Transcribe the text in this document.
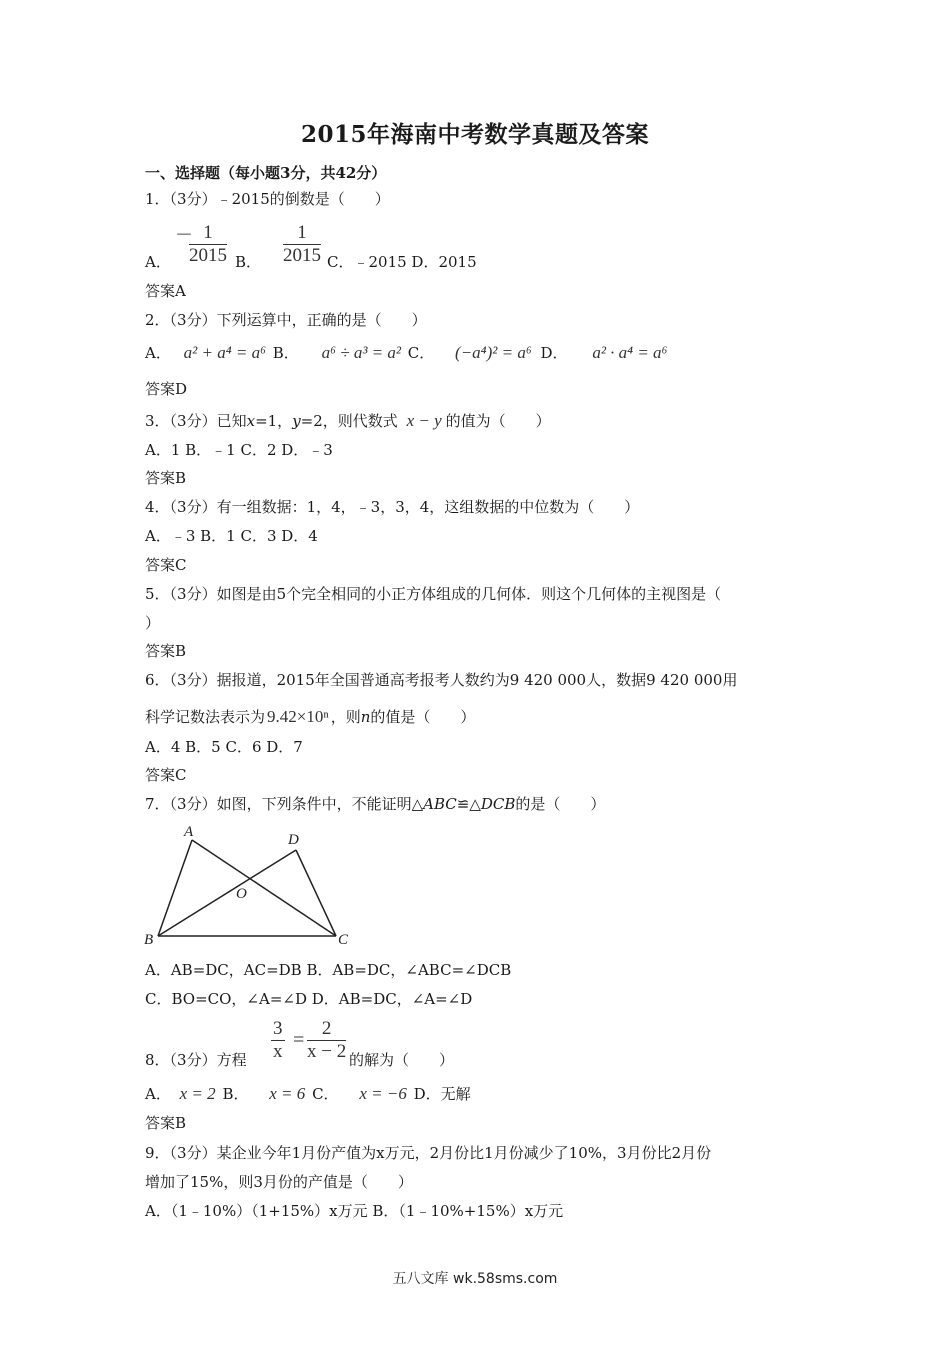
2015年海南中考数学真题及答案
一、选择题（每小题3分，共42分）
1．（3分）﹣2015的倒数是（　　）
A．
－
$\frac{1}{2015}$ B． $\frac{1}{2015}$ C．﹣2015 D．2015
答案A
2．（3分）下列运算中，正确的是（　　）
A． a² + a⁴ = a⁶ B． a⁶ ÷ a³ = a² C． (−a⁴)² = a⁶ D． a² · a⁴ = a⁶
答案D
3．（3分）已知x=1，y=2，则代数式 x − y 的值为（　　）
A．1 B．﹣1 C．2 D．﹣3
答案B
4．（3分）有一组数据：1，4，﹣3，3，4，这组数据的中位数为（　　）
A．﹣3 B．1 C．3 D．4
答案C
5．（3分）如图是由5个完全相同的小正方体组成的几何体．则这个几何体的主视图是（
）
答案B
6．（3分）据报道，2015年全国普通高考报考人数约为9 420 000人，数据9 420 000用
科学记数法表示为 9.42×10ⁿ ，则n的值是（　　）
A．4 B．5 C．6 D．7
答案C
7．（3分）如图，下列条件中，不能证明△ABC≌△DCB的是（　　）
A	D
O
B	C
A．AB=DC，AC=DB B．AB=DC，∠ABC=∠DCB
C．BO=CO，∠A=∠D D．AB=DC，∠A=∠D
8．（3分）方程 $\frac{3}{x} = \frac{2}{x - 2}$ 的解为（　　）
A． x = 2 B． x = 6 C． x = −6 D．无解
答案B
9．（3分）某企业今年1月份产值为x万元，2月份比1月份减少了10%，3月份比2月份
增加了15%，则3月份的产值是（　　）
A．（1﹣10%）（1+15%）x万元 B．（1﹣10%+15%）x万元
五八文库 wk.58sms.com
